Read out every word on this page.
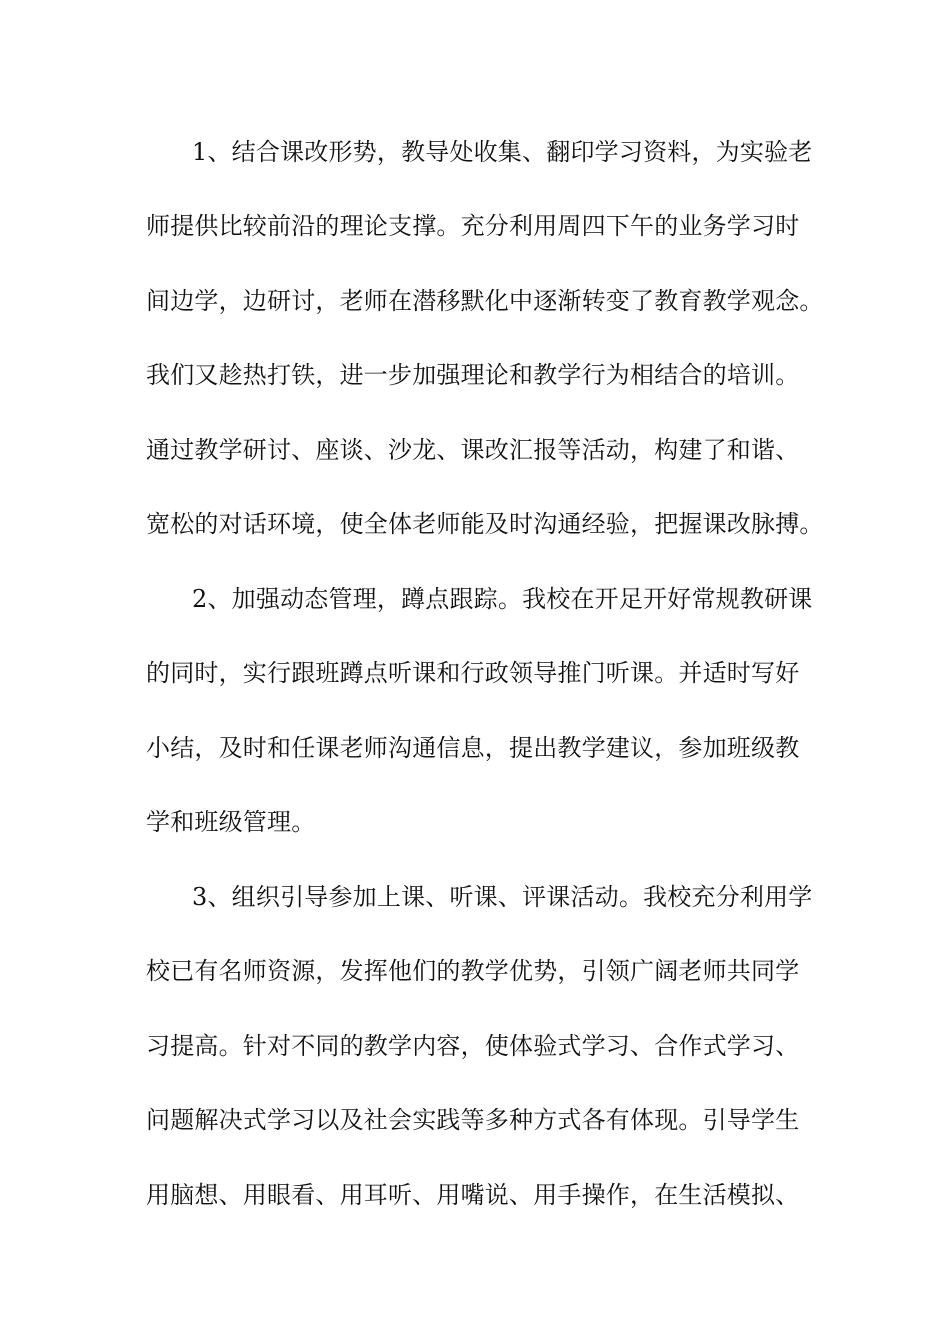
1、结合课改形势，教导处收集、翻印学习资料，为实验老
师提供比较前沿的理论支撑。充分利用周四下午的业务学习时
间边学，边研讨，老师在潜移默化中逐渐转变了教育教学观念。
我们又趁热打铁，进一步加强理论和教学行为相结合的培训。
通过教学研讨、座谈、沙龙、课改汇报等活动，构建了和谐、
宽松的对话环境，使全体老师能及时沟通经验，把握课改脉搏。
2、加强动态管理，蹲点跟踪。我校在开足开好常规教研课
的同时，实行跟班蹲点听课和行政领导推门听课。并适时写好
小结，及时和任课老师沟通信息，提出教学建议，参加班级教
学和班级管理。
3、组织引导参加上课、听课、评课活动。我校充分利用学
校已有名师资源，发挥他们的教学优势，引领广阔老师共同学
习提高。针对不同的教学内容，使体验式学习、合作式学习、
问题解决式学习以及社会实践等多种方式各有体现。引导学生
用脑想、用眼看、用耳听、用嘴说、用手操作，在生活模拟、
